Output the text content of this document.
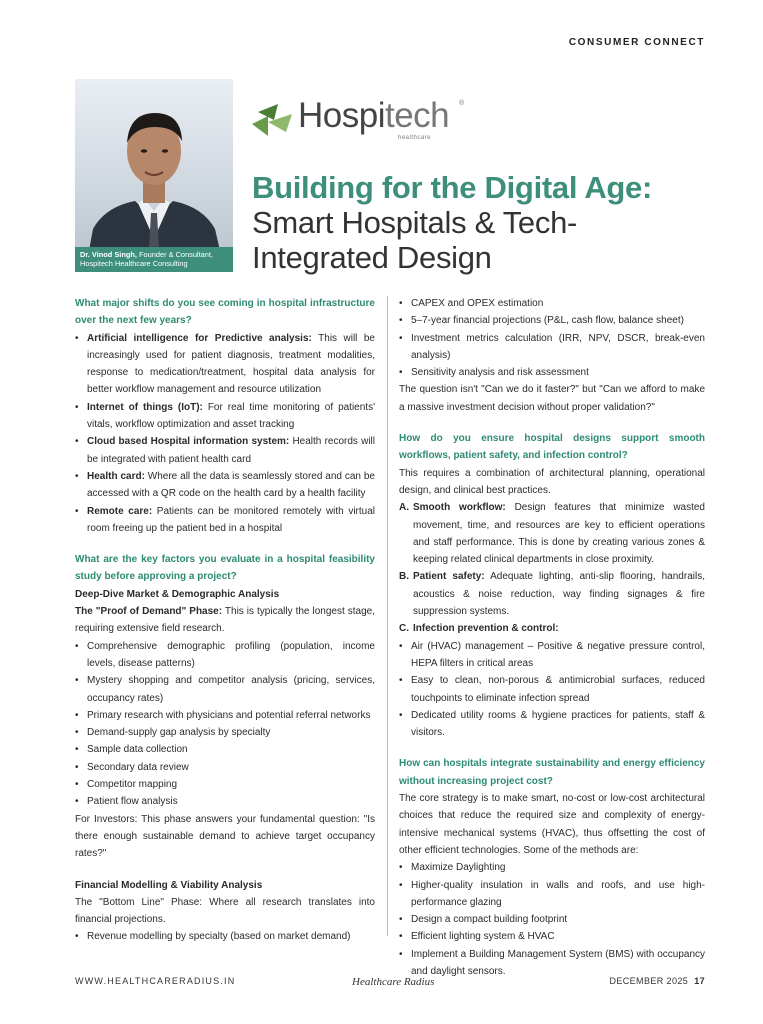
CONSUMER CONNECT
Dr. Vinod Singh, Founder & Consultant,
Hospitech Healthcare Consulting
Hospitech ®
healthcare
Building for the Digital Age:
Smart Hospitals & Tech-Integrated Design
What major shifts do you see coming in hospital infrastructure over the next few years?
• Artificial intelligence for Predictive analysis: This will be increasingly used for patient diagnosis, treatment modalities, response to medication/treatment, hospital data analysis for better workflow management and resource utilization
• Internet of things (IoT): For real time monitoring of patients' vitals, workflow optimization and asset tracking
• Cloud based Hospital information system: Health records will be integrated with patient health card
• Health card: Where all the data is seamlessly stored and can be accessed with a QR code on the health card by a health facility
• Remote care: Patients can be monitored remotely with virtual room freeing up the patient bed in a hospital
What are the key factors you evaluate in a hospital feasibility study before approving a project?
Deep-Dive Market & Demographic Analysis
The "Proof of Demand" Phase: This is typically the longest stage, requiring extensive field research.
• Comprehensive demographic profiling (population, income levels, disease patterns)
• Mystery shopping and competitor analysis (pricing, services, occupancy rates)
• Primary research with physicians and potential referral networks
• Demand-supply gap analysis by specialty
• Sample data collection
• Secondary data review
• Competitor mapping
• Patient flow analysis
For Investors: This phase answers your fundamental question: "Is there enough sustainable demand to achieve target occupancy rates?"
Financial Modelling & Viability Analysis
The "Bottom Line" Phase: Where all research translates into financial projections.
• Revenue modelling by specialty (based on market demand)
• CAPEX and OPEX estimation
• 5–7-year financial projections (P&L, cash flow, balance sheet)
• Investment metrics calculation (IRR, NPV, DSCR, break-even analysis)
• Sensitivity analysis and risk assessment
The question isn't "Can we do it faster?" but "Can we afford to make a massive investment decision without proper validation?"
How do you ensure hospital designs support smooth workflows, patient safety, and infection control?
This requires a combination of architectural planning, operational design, and clinical best practices.
A. Smooth workflow: Design features that minimize wasted movement, time, and resources are key to efficient operations and staff performance. This is done by creating various zones & keeping related clinical departments in close proximity.
B. Patient safety: Adequate lighting, anti-slip flooring, handrails, acoustics & noise reduction, way finding signages & fire suppression systems.
C. Infection prevention & control:
• Air (HVAC) management – Positive & negative pressure control, HEPA filters in critical areas
• Easy to clean, non-porous & antimicrobial surfaces, reduced touchpoints to eliminate infection spread
• Dedicated utility rooms & hygiene practices for patients, staff & visitors.
How can hospitals integrate sustainability and energy efficiency without increasing project cost?
The core strategy is to make smart, no-cost or low-cost architectural choices that reduce the required size and complexity of energy-intensive mechanical systems (HVAC), thus offsetting the cost of other efficient technologies. Some of the methods are:
• Maximize Daylighting
• Higher-quality insulation in walls and roofs, and use high-performance glazing
• Design a compact building footprint
• Efficient lighting system & HVAC
• Implement a Building Management System (BMS) with occupancy and daylight sensors.
WWW.HEALTHCARERADIUS.IN	Healthcare Radius	DECEMBER 2025 17
